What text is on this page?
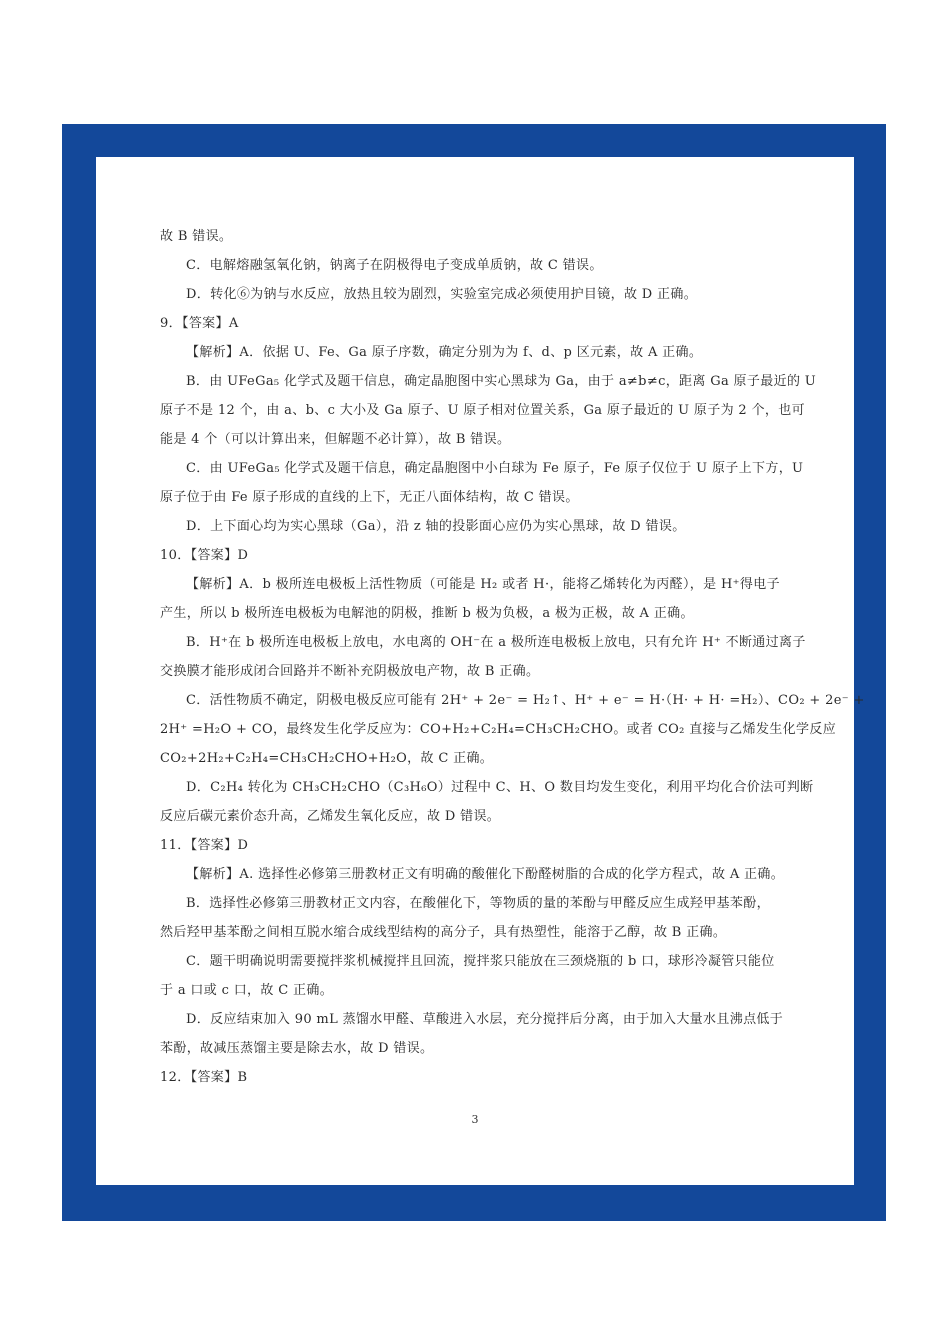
故 B 错误。
C．电解熔融氢氧化钠，钠离子在阴极得电子变成单质钠，故 C 错误。
D．转化⑥为钠与水反应，放热且较为剧烈，实验室完成必须使用护目镜，故 D 正确。
9．【答案】A
【解析】A．依据 U、Fe、Ga 原子序数，确定分别为为 f、d、p 区元素，故 A 正确。
B．由 UFeGa₅ 化学式及题干信息，确定晶胞图中实心黑球为 Ga，由于 a≠b≠c，距离 Ga 原子最近的 U
原子不是 12 个，由 a、b、c 大小及 Ga 原子、U 原子相对位置关系，Ga 原子最近的 U 原子为 2 个，也可
能是 4 个（可以计算出来，但解题不必计算），故 B 错误。
C．由 UFeGa₅ 化学式及题干信息，确定晶胞图中小白球为 Fe 原子，Fe 原子仅位于 U 原子上下方，U
原子位于由 Fe 原子形成的直线的上下，无正八面体结构，故 C 错误。
D．上下面心均为实心黑球（Ga），沿 z 轴的投影面心应仍为实心黑球，故 D 错误。
10．【答案】D
【解析】A．b 极所连电极板上活性物质（可能是 H₂ 或者 H·，能将乙烯转化为丙醛），是 H⁺得电子
产生，所以 b 极所连电极板为电解池的阴极，推断 b 极为负极，a 极为正极，故 A 正确。
B．H⁺在 b 极所连电极板上放电，水电离的 OH⁻在 a 极所连电极板上放电，只有允许 H⁺ 不断通过离子
交换膜才能形成闭合回路并不断补充阴极放电产物，故 B 正确。
C．活性物质不确定，阴极电极反应可能有 2H⁺ + 2e⁻ = H₂↑、H⁺ + e⁻ = H·（H· + H· =H₂）、CO₂ + 2e⁻ +
2H⁺ =H₂O + CO，最终发生化学反应为：CO+H₂+C₂H₄=CH₃CH₂CHO。或者 CO₂ 直接与乙烯发生化学反应
CO₂+2H₂+C₂H₄=CH₃CH₂CHO+H₂O，故 C 正确。
D．C₂H₄ 转化为 CH₃CH₂CHO（C₃H₆O）过程中 C、H、O 数目均发生变化，利用平均化合价法可判断
反应后碳元素价态升高，乙烯发生氧化反应，故 D 错误。
11．【答案】D
【解析】A. 选择性必修第三册教材正文有明确的酸催化下酚醛树脂的合成的化学方程式，故 A 正确。
B．选择性必修第三册教材正文内容，在酸催化下，等物质的量的苯酚与甲醛反应生成羟甲基苯酚，
然后羟甲基苯酚之间相互脱水缩合成线型结构的高分子，具有热塑性，能溶于乙醇，故 B 正确。
C．题干明确说明需要搅拌浆机械搅拌且回流，搅拌浆只能放在三颈烧瓶的 b 口，球形冷凝管只能位
于 a 口或 c 口，故 C 正确。
D．反应结束加入 90 mL 蒸馏水甲醛、草酸进入水层，充分搅拌后分离，由于加入大量水且沸点低于
苯酚，故减压蒸馏主要是除去水，故 D 错误。
12．【答案】B
3
